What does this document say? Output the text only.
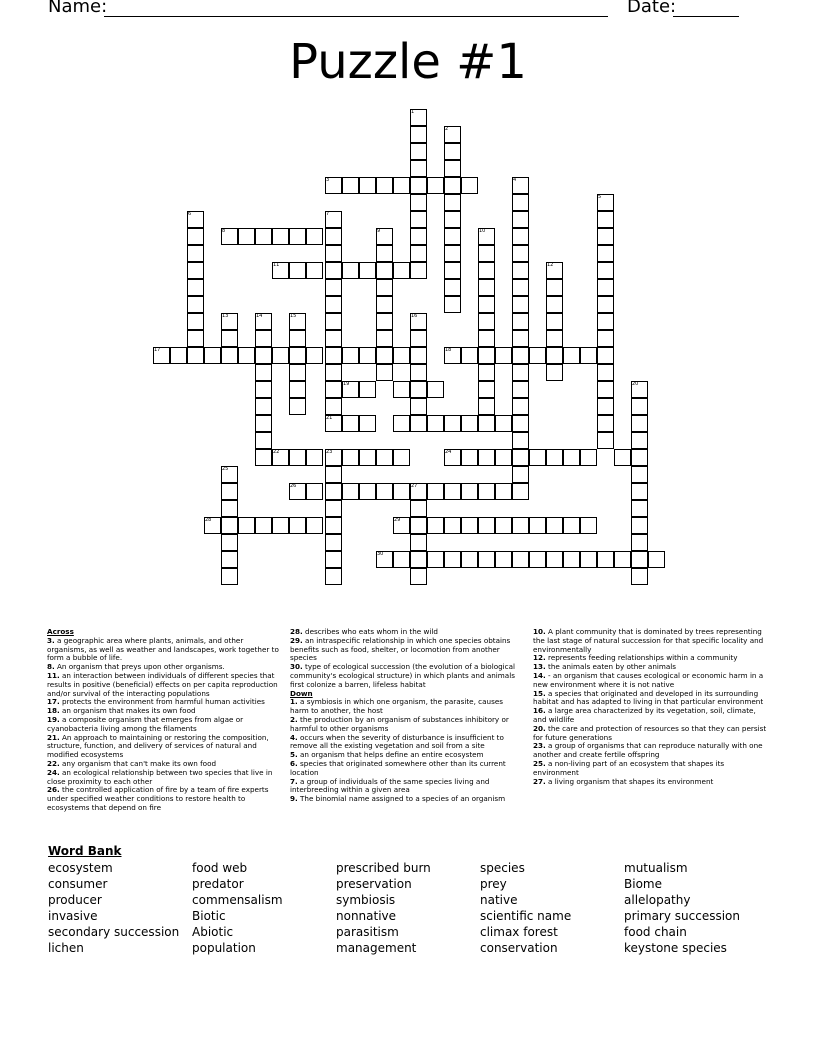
Name:	Date:
Puzzle #1
1
2
3	4
5
6	7
8	9	10
11	12
13	14	15	16
17	18
19	20
21
22	23	24
25
26	27
28	29
30

Across

3. a geographic area where plants, animals, and other organisms, as well as weather and landscapes, work together to form a bubble of life.

8. An organism that preys upon other organisms.

11. an interaction between individuals of different species that results in positive (beneficial) effects on per capita reproduction and/or survival of the interacting populations

17. protects the environment from harmful human activities

18. an organism that makes its own food

19. a composite organism that emerges from algae or cyanobacteria living among the filaments

21. An approach to maintaining or restoring the composition, structure, function, and delivery of services of natural and modified ecosystems

22. any organism that can't make its own food

24. an ecological relationship between two species that live in close proximity to each other

26. the controlled application of fire by a team of fire experts under specified weather conditions to restore health to ecosystems that depend on fire

28. describes who eats whom in the wild

29. an intraspecific relationship in which one species obtains benefits such as food, shelter, or locomotion from another species

30. type of ecological succession (the evolution of a biological community's ecological structure) in which plants and animals first colonize a barren, lifeless habitat

Down

1. a symbiosis in which one organism, the parasite, causes harm to another, the host

2. the production by an organism of substances inhibitory or harmful to other organisms

4. occurs when the severity of disturbance is insufficient to remove all the existing vegetation and soil from a site

5. an organism that helps define an entire ecosystem

6. species that originated somewhere other than its current location

7. a group of individuals of the same species living and interbreeding within a given area

9. The binomial name assigned to a species of an organism

10. A plant community that is dominated by trees representing the last stage of natural succession for that specific locality and environmentally

12. represents feeding relationships within a community

13. the animals eaten by other animals

14. - an organism that causes ecological or economic harm in a new environment where it is not native

15. a species that originated and developed in its surrounding habitat and has adapted to living in that particular environment

16. a large area characterized by its vegetation, soil, climate, and wildlife

20. the care and protection of resources so that they can persist for future generations

23. a group of organisms that can reproduce naturally with one another and create fertile offspring

25. a non-living part of an ecosystem that shapes its environment

27. a living organism that shapes its environment

Word Bank
ecosystem
consumer
producer
invasive
secondary succession
lichen
food web
predator
commensalism
Biotic
Abiotic
population
prescribed burn
preservation
symbiosis
nonnative
parasitism
management
species
prey
native
scientific name
climax forest
conservation
mutualism
Biome
allelopathy
primary succession
food chain
keystone species
